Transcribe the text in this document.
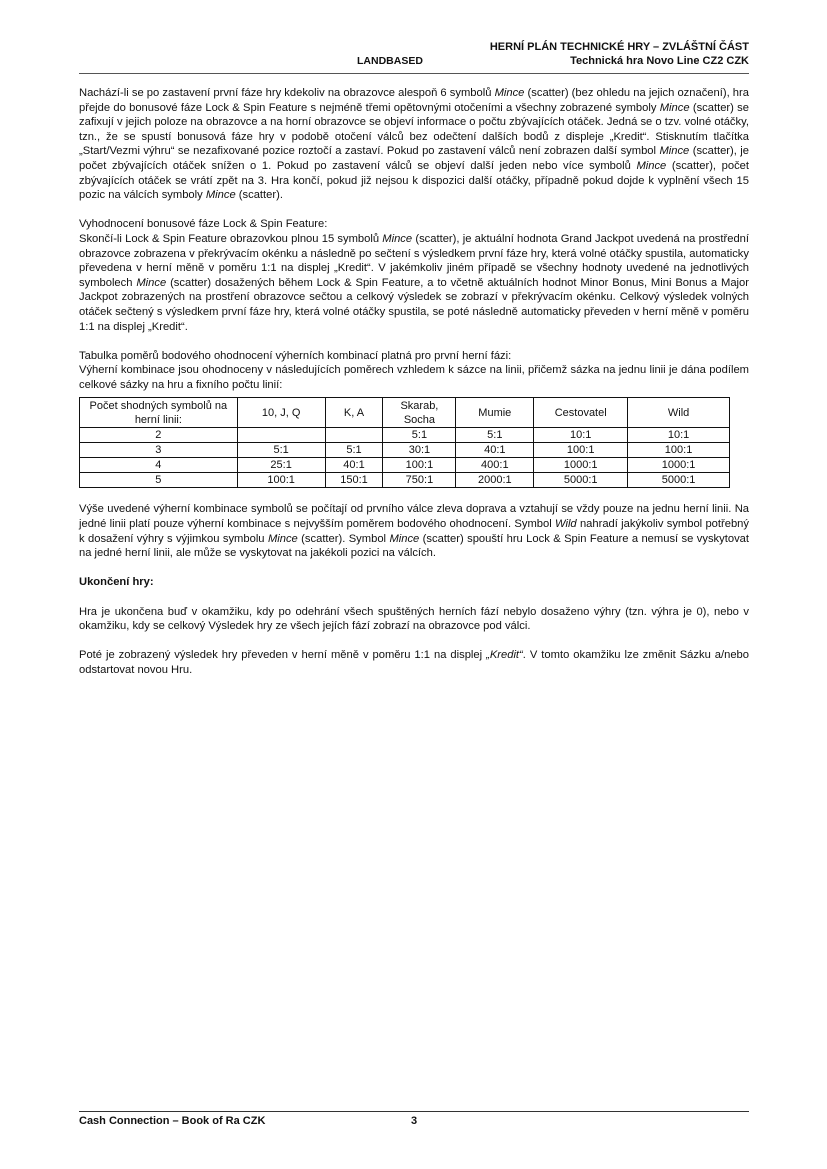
LANDBASED
HERNÍ PLÁN TECHNICKÉ HRY – ZVLÁŠTNÍ ČÁST
Technická hra Novo Line CZ2 CZK

Nachází-li se po zastavení první fáze hry kdekoliv na obrazovce alespoň 6 symbolů Mince (scatter) (bez ohledu na jejich označení), hra přejde do bonusové fáze Lock & Spin Feature s nejméně třemi opětovnými otočeními a všechny zobrazené symboly Mince (scatter) se zafixují v jejich poloze na obrazovce a na horní obrazovce se objeví informace o počtu zbývajících otáček. Jedná se o tzv. volné otáčky, tzn., že se spustí bonusová fáze hry v podobě otočení válců bez odečtení dalších bodů z displeje „Kredit“. Stisknutím tlačítka „Start/Vezmi výhru“ se nezafixované pozice roztočí a zastaví. Pokud po zastavení válců není zobrazen další symbol Mince (scatter), je počet zbývajících otáček snížen o 1. Pokud po zastavení válců se objeví další jeden nebo více symbolů Mince (scatter), počet zbývajících otáček se vrátí zpět na 3. Hra končí, pokud již nejsou k dispozici další otáčky, případně pokud dojde k vyplnění všech 15 pozic na válcích symboly Mince (scatter).

Vyhodnocení bonusové fáze Lock & Spin Feature:
Skončí-li Lock & Spin Feature obrazovkou plnou 15 symbolů Mince (scatter), je aktuální hodnota Grand Jackpot uvedená na prostřední obrazovce zobrazena v překrývacím okénku a následně po sečtení s výsledkem první fáze hry, která volné otáčky spustila, automaticky převedena v herní měně v poměru 1:1 na displej „Kredit“. V jakémkoliv jiném případě se všechny hodnoty uvedené na jednotlivých symbolech Mince (scatter) dosažených během Lock & Spin Feature, a to včetně aktuálních hodnot Minor Bonus, Mini Bonus a Major Jackpot zobrazených na prostření obrazovce sečtou a celkový výsledek se zobrazí v překrývacím okénku. Celkový výsledek volných otáček sečtený s výsledkem první fáze hry, která volné otáčky spustila, se poté následně automaticky převeden v herní měně v poměru 1:1 na displej „Kredit“.

Tabulka poměrů bodového ohodnocení výherních kombinací platná pro první herní fázi:
Výherní kombinace jsou ohodnoceny v následujících poměrech vzhledem k sázce na linii, přičemž sázka na jednu linii je dána podílem celkové sázky na hru a fixního počtu linií:

Počet shodných symbolů na herní linii:	10, J, Q	K, A	Skarab, Socha	Mumie	Cestovatel	Wild
2			5:1	5:1	10:1	10:1
3	5:1	5:1	30:1	40:1	100:1	100:1
4	25:1	40:1	100:1	400:1	1000:1	1000:1
5	100:1	150:1	750:1	2000:1	5000:1	5000:1

Výše uvedené výherní kombinace symbolů se počítají od prvního válce zleva doprava a vztahují se vždy pouze na jednu herní linii. Na jedné linii platí pouze výherní kombinace s nejvyšším poměrem bodového ohodnocení. Symbol Wild nahradí jakýkoliv symbol potřebný k dosažení výhry s výjimkou symbolu Mince (scatter). Symbol Mince (scatter) spouští hru Lock & Spin Feature a nemusí se vyskytovat na jedné herní linii, ale může se vyskytovat na jakékoli pozici na válcích.

Ukončení hry:

Hra je ukončena buď v okamžiku, kdy po odehrání všech spuštěných herních fází nebylo dosaženo výhry (tzn. výhra je 0), nebo v okamžiku, kdy se celkový Výsledek hry ze všech jejích fází zobrazí na obrazovce pod válci.

Poté je zobrazený výsledek hry převeden v herní měně v poměru 1:1 na displej „Kredit“. V tomto okamžiku lze změnit Sázku a/nebo odstartovat novou Hru.

Cash Connection – Book of Ra CZK	3
